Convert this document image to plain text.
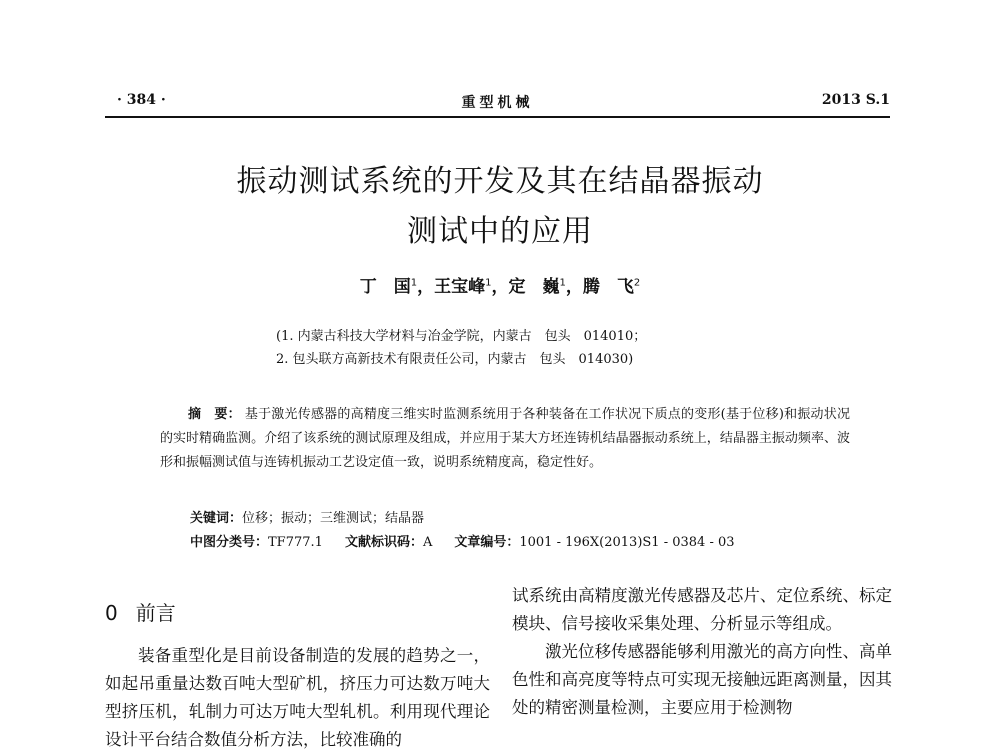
· 384 ·	重型机械	2013 S.1
振动测试系统的开发及其在结晶器振动
测试中的应用
丁　国$^1$，王宝峰$^1$，定　巍$^1$，腾　飞$^2$
(1. 内蒙古科技大学材料与冶金学院，内蒙古　包头　014010；
2. 包头联方高新技术有限责任公司，内蒙古　包头　014030)
摘　要： 基于激光传感器的高精度三维实时监测系统用于各种装备在工作状况下质点的变形(基于位移)和振动状况的实时精确监测。介绍了该系统的测试原理及组成，并应用于某大方坯连铸机结晶器振动系统上，结晶器主振动频率、波形和振幅测试值与连铸机振动工艺设定值一致，说明系统精度高，稳定性好。
关键词：位移；振动；三维测试；结晶器
中图分类号：TF777.1 文献标识码：A 文章编号：1001 - 196X(2013)S1 - 0384 - 03
0 前言

装备重型化是目前设备制造的发展的趋势之一，如起吊重量达数百吨大型矿机，挤压力可达数万吨大型挤压机，轧制力可达万吨大型轧机。利用现代理论设计平台结合数值分析方法，比较准确的

试系统由高精度激光传感器及芯片、定位系统、标定模块、信号接收采集处理、分析显示等组成。

激光位移传感器能够利用激光的高方向性、高单色性和高亮度等特点可实现无接触远距离测量，因其处的精密测量检测，主要应用于检测物
